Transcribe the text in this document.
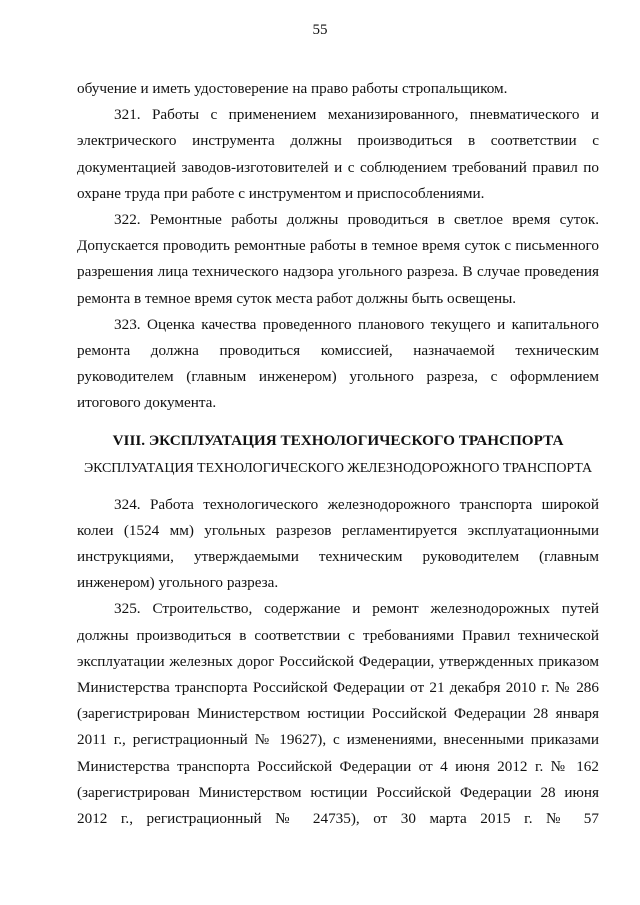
55

обучение и иметь удостоверение на право работы стропальщиком.

321. Работы с применением механизированного, пневматического и электрического инструмента должны производиться в соответствии с документацией заводов-изготовителей и с соблюдением требований правил по охране труда при работе с инструментом и приспособлениями.

322. Ремонтные работы должны проводиться в светлое время суток. Допускается проводить ремонтные работы в темное время суток с письменного разрешения лица технического надзора угольного разреза. В случае проведения ремонта в темное время суток места работ должны быть освещены.

323. Оценка качества проведенного планового текущего и капитального ремонта должна проводиться комиссией, назначаемой техническим руководителем (главным инженером) угольного разреза, с оформлением итогового документа.

VIII. ЭКСПЛУАТАЦИЯ ТЕХНОЛОГИЧЕСКОГО ТРАНСПОРТА
ЭКСПЛУАТАЦИЯ ТЕХНОЛОГИЧЕСКОГО ЖЕЛЕЗНОДОРОЖНОГО ТРАНСПОРТА

324. Работа технологического железнодорожного транспорта широкой колеи (1524 мм) угольных разрезов регламентируется эксплуатационными инструкциями, утверждаемыми техническим руководителем (главным инженером) угольного разреза.

325. Строительство, содержание и ремонт железнодорожных путей должны производиться в соответствии с требованиями Правил технической эксплуатации железных дорог Российской Федерации, утвержденных приказом Министерства транспорта Российской Федерации от 21 декабря 2010 г. № 286 (зарегистрирован Министерством юстиции Российской Федерации 28 января 2011 г., регистрационный № 19627), с изменениями, внесенными приказами Министерства транспорта Российской Федерации от 4 июня 2012 г. № 162 (зарегистрирован Министерством юстиции Российской Федерации 28 июня 2012 г., регистрационный № 24735), от 30 марта 2015 г. № 57
